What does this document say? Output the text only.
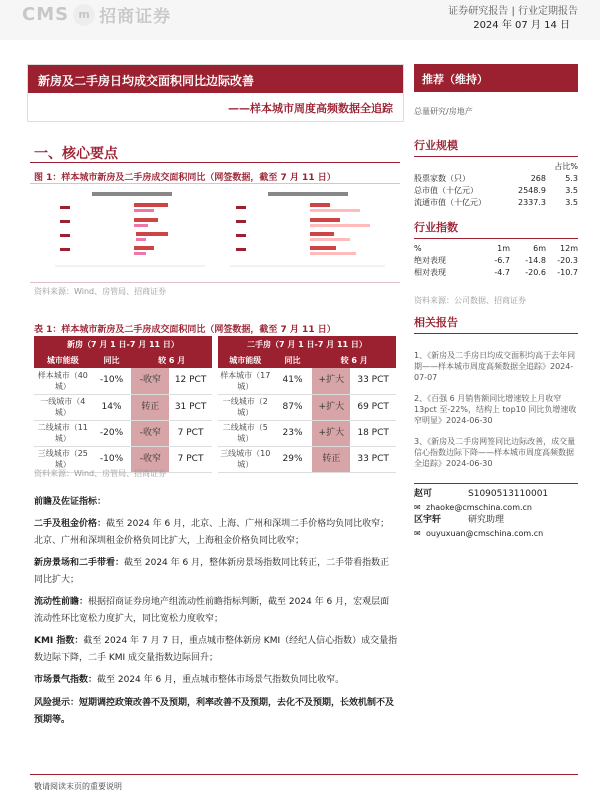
CMS m 招商证券	证券研究报告 | 行业定期报告
2024 年 07 月 14 日
新房及二手房日均成交面积同比边际改善
——样本城市周度高频数据全追踪
一、核心要点
图 1：样本城市新房及二手房成交面积同比（网签数据，截至 7 月 11 日）
资料来源：Wind、房管局、招商证券
表 1：样本城市新房及二手房成交面积同比（网签数据，截至 7 月 11 日）
新房（7 月 1 日-7 月 11 日）				二手房（7 月 1 日-7 月 11 日）			
城市能级	同比	较 6 月		城市能级	同比	较 6 月	
样本城市（40 城）	-10%	-收窄	12 PCT	样本城市（17 城）	41%	+扩大	33 PCT
一线城市（4 城）	14%	转正	31 PCT	一线城市（2 城）	87%	+扩大	69 PCT
二线城市（11 城）	-20%	-收窄	7 PCT	二线城市（5 城）	23%	+扩大	18 PCT
三线城市（25 城）	-10%	-收窄	7 PCT	三线城市（10 城）	29%	转正	33 PCT
资料来源：Wind、房管局、招商证券
前瞻及佐证指标：
二手及租金价格：截至 2024 年 6 月，北京、上海、广州和深圳二手价格均负同比收窄；北京、广州和深圳租金价格负同比扩大，上海租金价格负同比收窄；
新房景场和二手带看：截至 2024 年 6 月，整体新房景场指数同比转正，二手带看指数正同比扩大；
流动性前瞻：根据招商证券房地产组流动性前瞻指标判断，截至 2024 年 6 月，宏观层面流动性环比宽松力度扩大，同比宽松力度收窄；
KMI 指数：截至 2024 年 7 月 7 日，重点城市整体新房 KMI（经纪人信心指数）成交量指数边际下降，二手 KMI 成交量指数边际回升；
市场景气指数：截至 2024 年 6 月，重点城市整体市场景气指数负同比收窄。
风险提示：短期调控政策改善不及预期，利率改善不及预期，去化不及预期，长效机制不及预期等。
推荐（维持）
总量研究/房地产
行业规模
占比%
股票家数（只）	268	5.3
总市值（十亿元）	2548.9	3.5
流通市值（十亿元）	2337.3	3.5
行业指数
%	1m	6m	12m
绝对表现	-6.7	-14.8	-20.3
相对表现	-4.7	-20.6	-10.7
资料来源：公司数据、招商证券
相关报告
1、《新房及二手房日均成交面积均高于去年同期——样本城市周度高频数据全追踪》2024-07-07
2、《百强 6 月销售额同比增速较上月收窄 13pct 至-22%，结构上 top10 同比负增速收窄明显》2024-06-30
3、《新房及二手房网签同比边际改善，成交量信心指数边际下降——样本城市周度高频数据全追踪》2024-06-30
赵可	S1090513110001
✉ zhaoke@cmschina.com.cn
区宇轩	研究助理
✉ ouyuxuan@cmschina.com.cn
敬请阅读末页的重要说明
